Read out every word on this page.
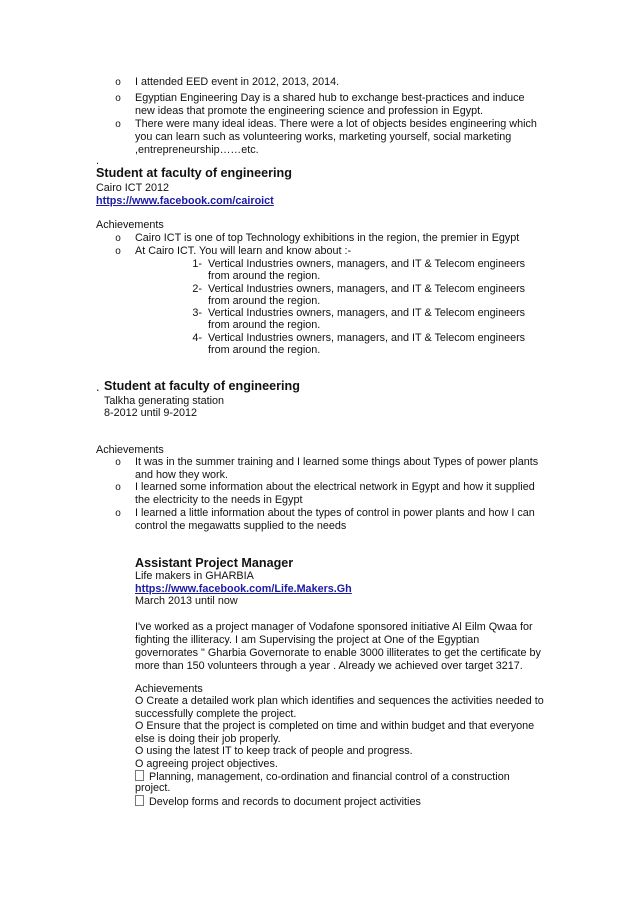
o I attended EED event in 2012, 2013, 2014.
o Egyptian Engineering Day is a shared hub to exchange best-practices and induce
new ideas that promote the engineering science and profession in Egypt.
o There were many ideal ideas. There were a lot of objects besides engineering which
you can learn such as volunteering works, marketing yourself, social marketing
,entrepreneurship……etc.
.
Student at faculty of engineering
Cairo ICT 2012
https://www.facebook.com/cairoict
Achievements
o Cairo ICT is one of top Technology exhibitions in the region, the premier in Egypt
o At Cairo ICT. You will learn and know about :-
1- Vertical Industries owners, managers, and IT & Telecom engineers
from around the region.
2- Vertical Industries owners, managers, and IT & Telecom engineers
from around the region.
3- Vertical Industries owners, managers, and IT & Telecom engineers
from around the region.
4- Vertical Industries owners, managers, and IT & Telecom engineers
from around the region.
. Student at faculty of engineering
Talkha generating station
8-2012 until 9-2012
Achievements
o It was in the summer training and I learned some things about Types of power plants
and how they work.
o I learned some information about the electrical network in Egypt and how it supplied
the electricity to the needs in Egypt
o I learned a little information about the types of control in power plants and how I can
control the megawatts supplied to the needs
Assistant Project Manager
Life makers in GHARBIA
https://www.facebook.com/Life.Makers.Gh
March 2013 until now
I've worked as a project manager of Vodafone sponsored initiative Al Eilm Qwaa for
fighting the illiteracy. I am Supervising the project at One of the Egyptian
governorates " Gharbia Governorate to enable 3000 illiterates to get the certificate by
more than 150 volunteers through a year . Already we achieved over target 3217.
Achievements
O Create a detailed work plan which identifies and sequences the activities needed to
successfully complete the project.
O Ensure that the project is completed on time and within budget and that everyone
else is doing their job properly.
O using the latest IT to keep track of people and progress.
O agreeing project objectives.
Planning, management, co-ordination and financial control of a construction
project.
Develop forms and records to document project activities
